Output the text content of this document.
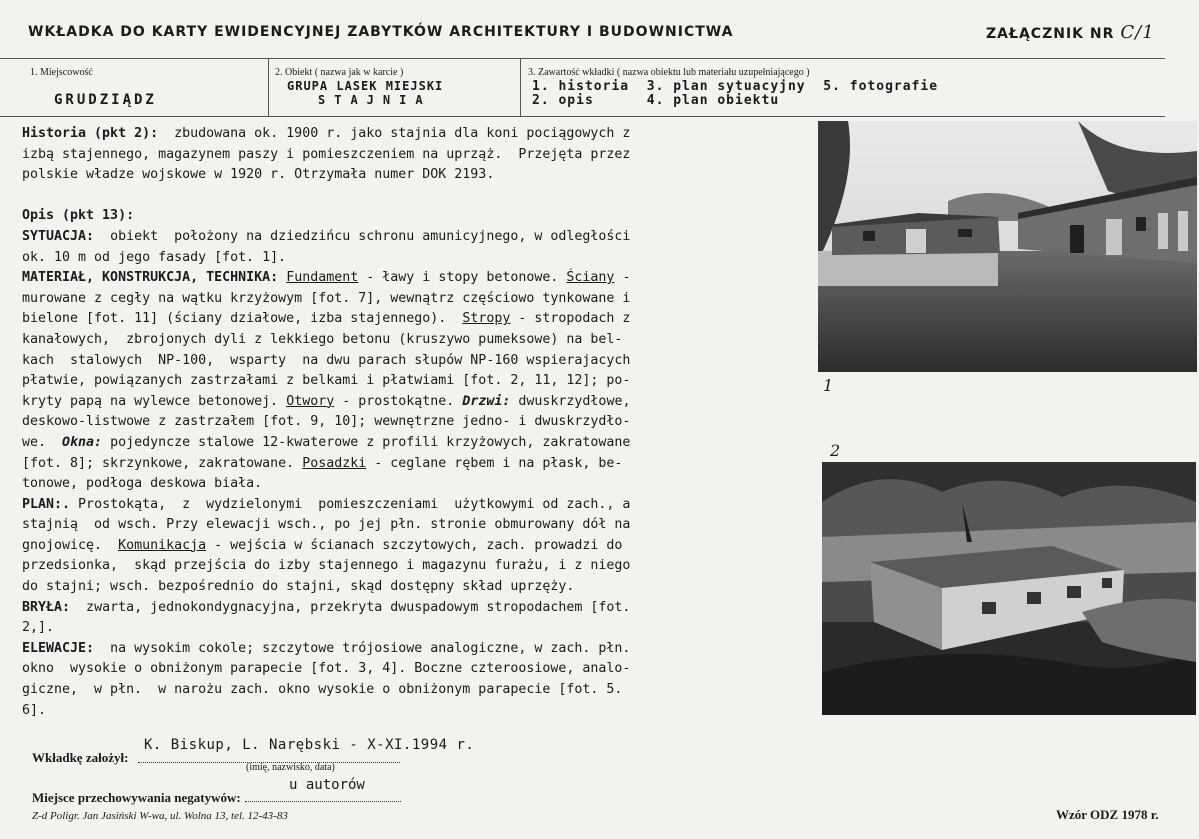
WKŁADKA DO KARTY EWIDENCYJNEJ ZABYTKÓW ARCHITEKTURY I BUDOWNICTWA	ZAŁĄCZNIK NR C/1
1. Miejscowość
GRUDZIĄDZ
2. Obiekt ( nazwa jak w karcie )
GRUPA LASEK MIEJSKI
STAJNIA
3. Zawartość wkładki ( nazwa obiektu lub materiału uzupełniającego )
1. historia  3. plan sytuacyjny  5. fotografie
2. opis      4. plan obiektu
Historia (pkt 2):  zbudowana ok. 1900 r. jako stajnia dla koni pociągowych z
izbą stajennego, magazynem paszy i pomieszczeniem na uprząż.  Przejęta przez
polskie władze wojskowe w 1920 r. Otrzymała numer DOK 2193.

Opis (pkt 13):
SYTUACJA:  obiekt  położony na dziedzińcu schronu amunicyjnego, w odległości
ok. 10 m od jego fasady [fot. 1].
MATERIAŁ, KONSTRUKCJA, TECHNIKA: Fundament - ławy i stopy betonowe. Ściany -
murowane z cegły na wątku krzyżowym [fot. 7], wewnątrz częściowo tynkowane i
bielone [fot. 11] (ściany działowe, izba stajennego).  Stropy - stropodach z
kanałowych,  zbrojonych dyli z lekkiego betonu (kruszywo pumeksowe) na bel-
kach  stalowych  NP-100,  wsparty  na dwu parach słupów NP-160 wspierajacych
płatwie, powiązanych zastrzałami z belkami i płatwiami [fot. 2, 11, 12]; po-
kryty papą na wylewce betonowej. Otwory - prostokątne. Drzwi: dwuskrzydłowe,
deskowo-listwowe z zastrzałem [fot. 9, 10]; wewnętrzne jedno- i dwuskrzydło-
we.  Okna: pojedyncze stalowe 12-kwaterowe z profili krzyżowych, zakratowane
[fot. 8]; skrzynkowe, zakratowane. Posadzki - ceglane rębem i na płask, be-
tonowe, podłoga deskowa biała.
PLAN:. Prostokąta,  z  wydzielonymi  pomieszczeniami  użytkowymi od zach., a
stajnią  od wsch. Przy elewacji wsch., po jej płn. stronie obmurowany dół na
gnojowicę.  Komunikacja - wejścia w ścianach szczytowych, zach. prowadzi do
przedsionka,  skąd przejścia do izby stajennego i magazynu furażu, i z niego
do stajni; wsch. bezpośrednio do stajni, skąd dostępny skład uprzęży.
BRYŁA:  zwarta, jednokondygnacyjna, przekryta dwuspadowym stropodachem [fot.
2,].
ELEWACJE:  na wysokim cokole; szczytowe trójosiowe analogiczne, w zach. płn.
okno  wysokie o obniżonym parapecie [fot. 3, 4]. Boczne czteroosiowe, analo-
giczne,  w płn.  w narożu zach. okno wysokie o obniżonym parapecie [fot. 5.
6].
1
2
K. Biskup, L. Narębski - X-XI.1994 r.
Wkładkę założył:
(imię, nazwisko, data)
u autorów
Miejsce przechowywania negatywów:
Z-d Poligr. Jan Jasiński W-wa, ul. Wolna 13, tel. 12-43-83	Wzór ODZ 1978 r.
